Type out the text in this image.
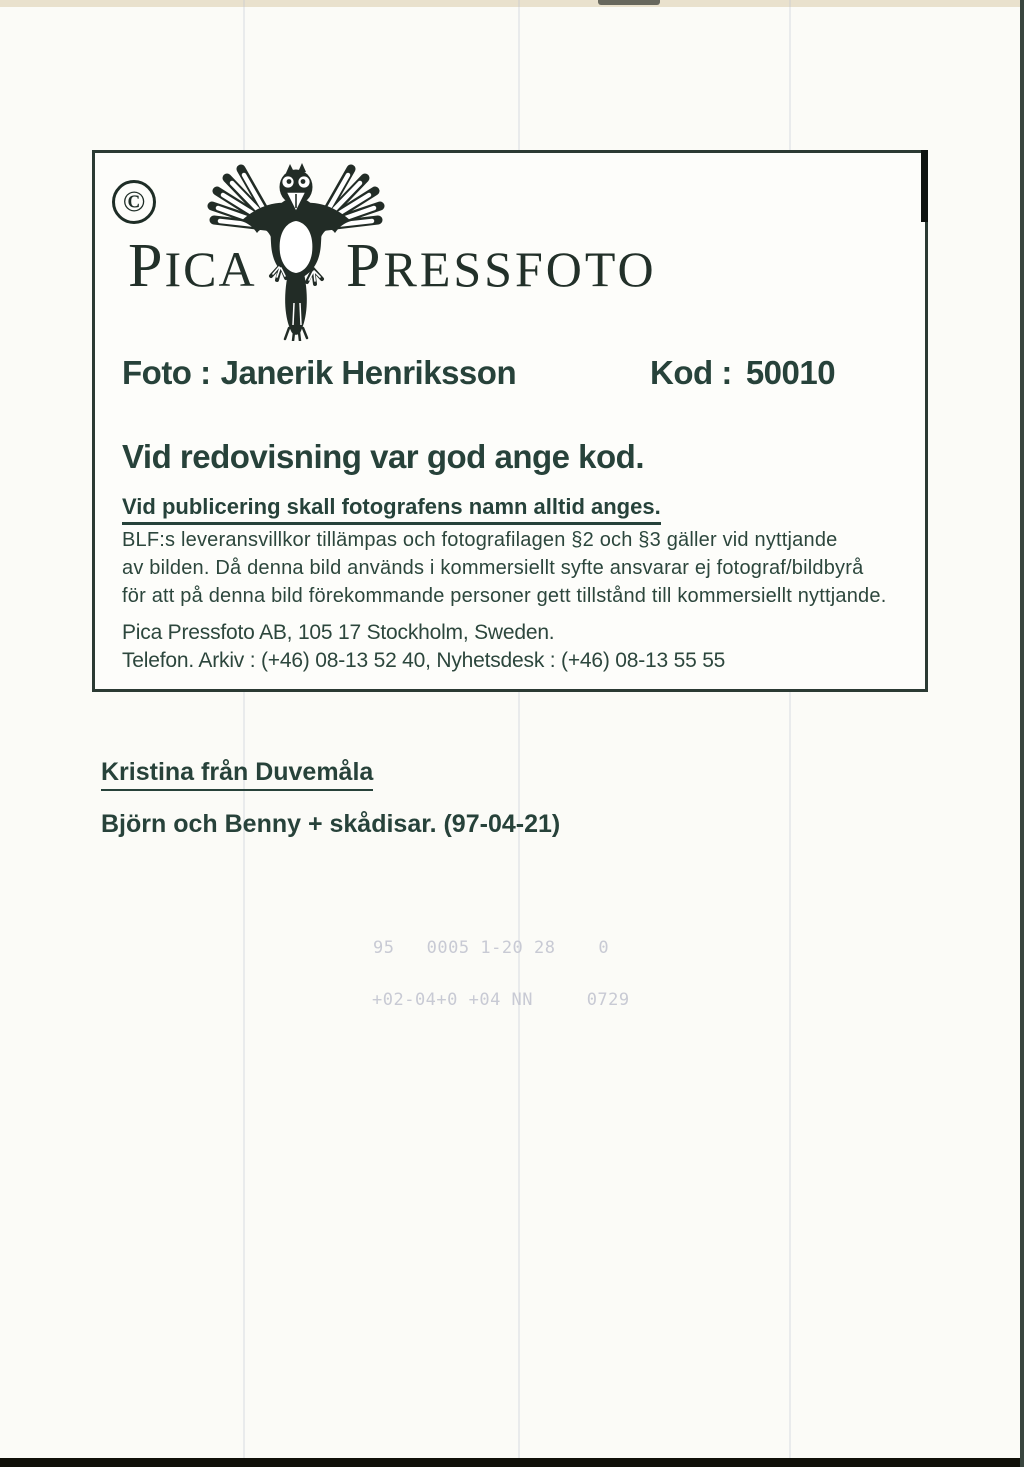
©
PICA PRESSFOTO
Foto : Janerik Henriksson	Kod : 50010
Vid redovisning var god ange kod.
Vid publicering skall fotografens namn alltid anges.
BLF:s leveransvillkor tillämpas och fotografilagen §2 och §3 gäller vid nyttjande
av bilden. Då denna bild används i kommersiellt syfte ansvarar ej fotograf/bildbyrå
för att på denna bild förekommande personer gett tillstånd till kommersiellt nyttjande.
Pica Pressfoto AB, 105 17 Stockholm, Sweden.
Telefon. Arkiv : (+46) 08-13 52 40, Nyhetsdesk : (+46) 08-13 55 55
Kristina från Duvemåla
Björn och Benny + skådisar. (97-04-21)
95   0005 1-20 28    0
+02-04+0 +04 NN     0729
